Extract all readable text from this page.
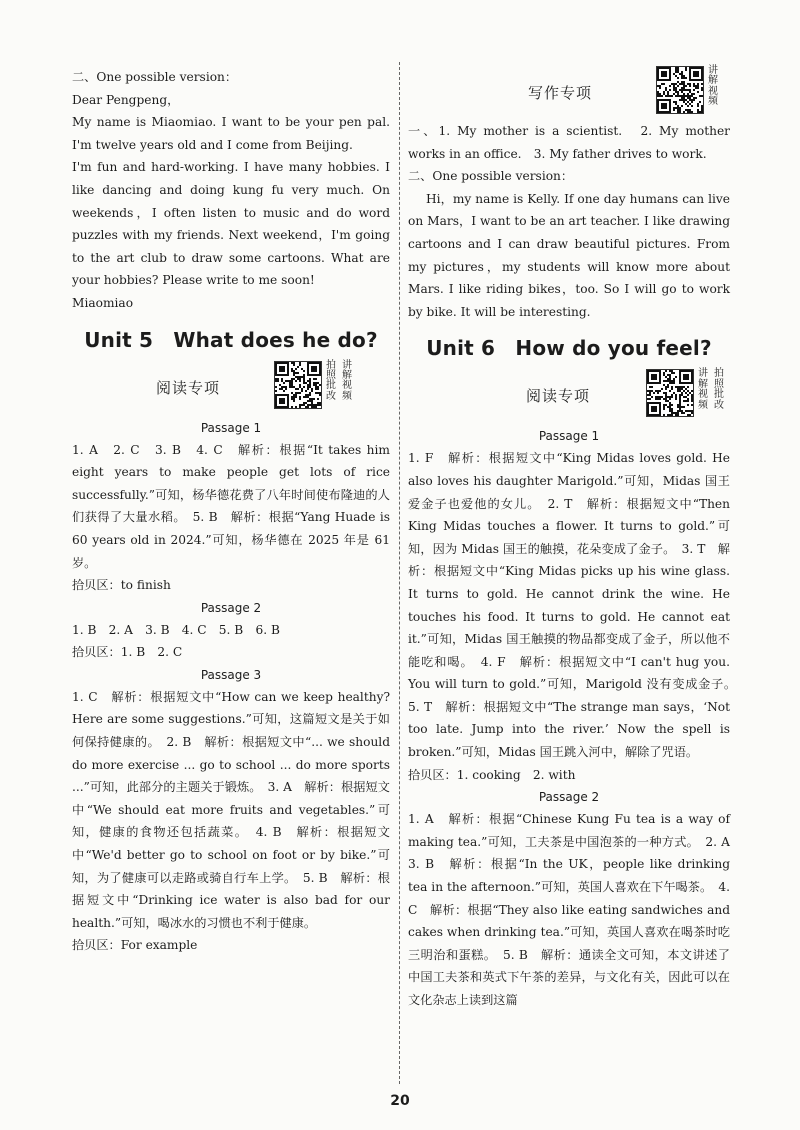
二、One possible version：

Dear Pengpeng，

My name is Miaomiao. I want to be your pen pal. I'm twelve years old and I come from Beijing.

I'm fun and hard-working. I have many hobbies. I like dancing and doing kung fu very much. On weekends，I often listen to music and do word puzzles with my friends. Next weekend，I'm going to the art club to draw some cartoons. What are your hobbies? Please write to me soon!

Miaomiao

Unit 5　What does he do?
阅读专项
拍
照
批
改
讲
解
视
频
Passage 1

1. A　2. C　3. B　4. C　解析：根据“It takes him eight years to make people get lots of rice successfully.”可知，杨华德花费了八年时间使布隆迪的人们获得了大量水稻。　5. B　解析：根据“Yang Huade is 60 years old in 2024.”可知，杨华德在 2025 年是 61 岁。

拾贝区：to finish

Passage 2

1. B　2. A　3. B　4. C　5. B　6. B

拾贝区：1. B　2. C

Passage 3

1. C　解析：根据短文中“How can we keep healthy? Here are some suggestions.”可知，这篇短文是关于如何保持健康的。　2. B　解析：根据短文中“... we should do more exercise ... go to school ... do more sports ...”可知，此部分的主题关于锻炼。　3. A　解析：根据短文中“We should eat more fruits and vegetables.”可知，健康的食物还包括蔬菜。　4. B　解析：根据短文中“We'd better go to school on foot or by bike.”可知，为了健康可以走路或骑自行车上学。　5. B　解析：根据短文中“Drinking ice water is also bad for our health.”可知，喝冰水的习惯也不利于健康。

拾贝区：For example

写作专项
讲
解
视
频

一、1. My mother is a scientist.　2. My mother works in an office.　3. My father drives to work.

二、One possible version：

Hi，my name is Kelly. If one day humans can live on Mars，I want to be an art teacher. I like drawing cartoons and I can draw beautiful pictures. From my pictures，my students will know more about Mars. I like riding bikes，too. So I will go to work by bike. It will be interesting.

Unit 6　How do you feel?
阅读专项
讲
解
视
频
拍
照
批
改
Passage 1

1. F　解析：根据短文中“King Midas loves gold. He also loves his daughter Marigold.”可知，Midas 国王爱金子也爱他的女儿。　2. T　解析：根据短文中“Then King Midas touches a flower. It turns to gold.”可知，因为 Midas 国王的触摸，花朵变成了金子。　3. T　解析：根据短文中“King Midas picks up his wine glass. It turns to gold. He cannot drink the wine. He touches his food. It turns to gold. He cannot eat it.”可知，Midas 国王触摸的物品都变成了金子，所以他不能吃和喝。　4. F　解析：根据短文中“I can't hug you. You will turn to gold.”可知，Marigold 没有变成金子。　5. T　解析：根据短文中“The strange man says，‘Not too late. Jump into the river.’ Now the spell is broken.”可知，Midas 国王跳入河中，解除了咒语。

拾贝区：1. cooking　2. with

Passage 2

1. A　解析：根据“Chinese Kung Fu tea is a way of making tea.”可知，工夫茶是中国泡茶的一种方式。　2. A　3. B　解析：根据“In the UK，people like drinking tea in the afternoon.”可知，英国人喜欢在下午喝茶。　4. C　解析：根据“They also like eating sandwiches and cakes when drinking tea.”可知，英国人喜欢在喝茶时吃三明治和蛋糕。　5. B　解析：通读全文可知，本文讲述了中国工夫茶和英式下午茶的差异，与文化有关，因此可以在文化杂志上读到这篇

20
